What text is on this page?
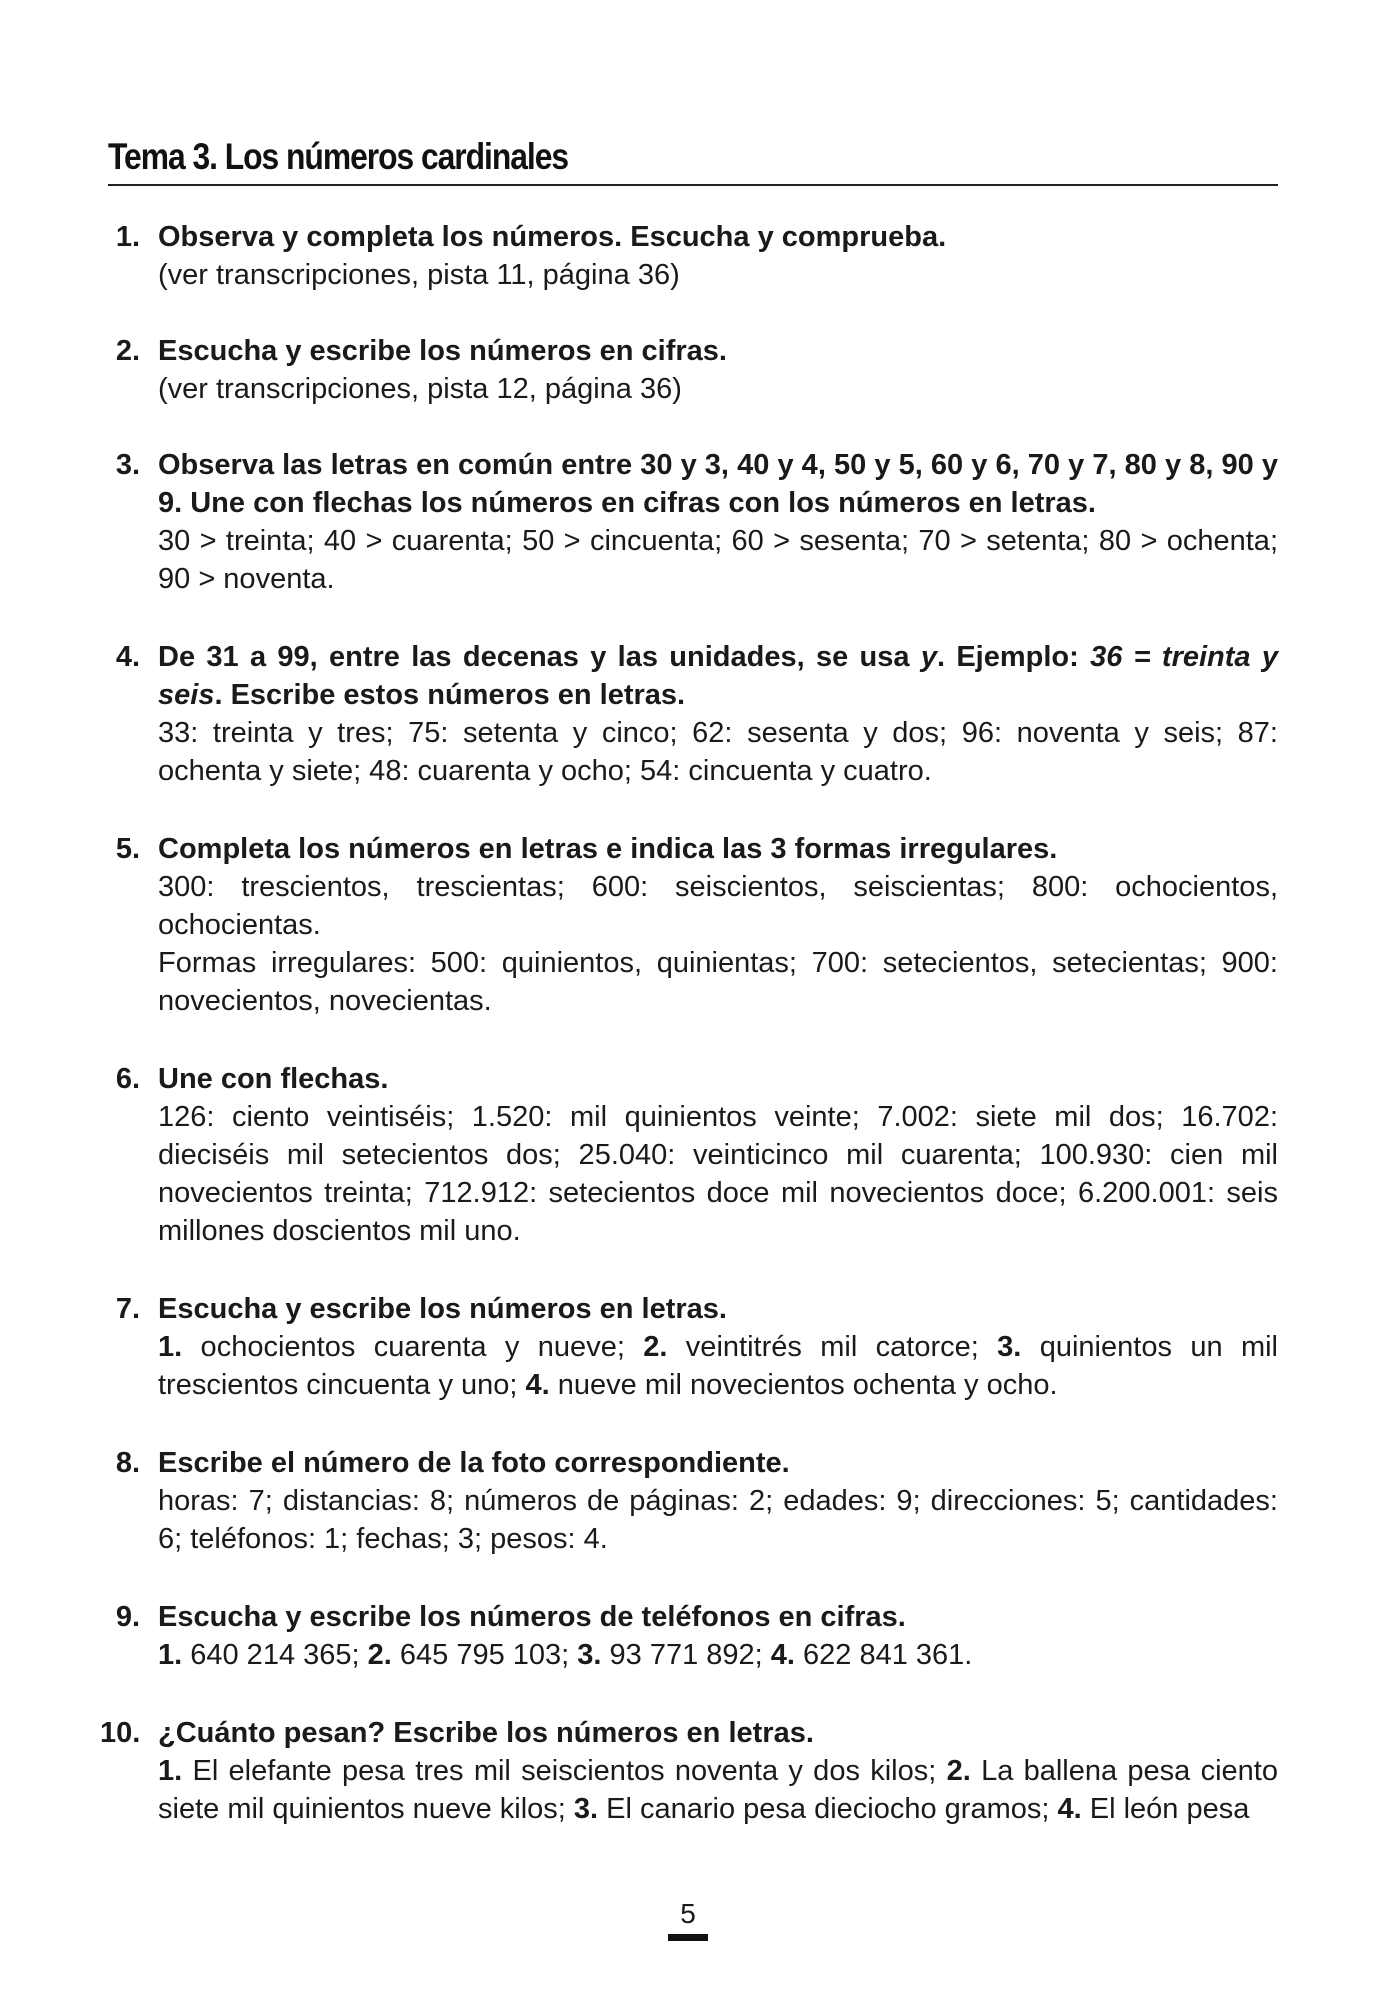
Tema 3. Los números cardinales
1. Observa y completa los números. Escucha y comprueba.
(ver transcripciones, pista 11, página 36)
2. Escucha y escribe los números en cifras.
(ver transcripciones, pista 12, página 36)
3. Observa las letras en común entre 30 y 3, 40 y 4, 50 y 5, 60 y 6, 70 y 7, 80 y 8, 90 y 9. Une con flechas los números en cifras con los números en letras.
30 > treinta; 40 > cuarenta; 50 > cincuenta; 60 > sesenta; 70 > setenta; 80 > ochenta; 90 > noventa.
4. De 31 a 99, entre las decenas y las unidades, se usa y. Ejemplo: 36 = treinta y seis. Escribe estos números en letras.
33: treinta y tres; 75: setenta y cinco; 62: sesenta y dos; 96: noventa y seis; 87: ochenta y siete; 48: cuarenta y ocho; 54: cincuenta y cuatro.
5. Completa los números en letras e indica las 3 formas irregulares.
300: trescientos, trescientas; 600: seiscientos, seiscientas; 800: ochocientos, ochocientas.
Formas irregulares: 500: quinientos, quinientas; 700: setecientos, setecientas; 900: novecientos, novecientas.
6. Une con flechas.
126: ciento veintiséis; 1.520: mil quinientos veinte; 7.002: siete mil dos; 16.702: dieciséis mil setecientos dos; 25.040: veinticinco mil cuarenta; 100.930: cien mil novecientos treinta; 712.912: setecientos doce mil novecientos doce; 6.200.001: seis millones doscientos mil uno.
7. Escucha y escribe los números en letras.
1. ochocientos cuarenta y nueve; 2. veintitrés mil catorce; 3. quinientos un mil trescientos cincuenta y uno; 4. nueve mil novecientos ochenta y ocho.
8. Escribe el número de la foto correspondiente.
horas: 7; distancias: 8; números de páginas: 2; edades: 9; direcciones: 5; cantidades: 6; teléfonos: 1; fechas; 3; pesos: 4.
9. Escucha y escribe los números de teléfonos en cifras.
1. 640 214 365; 2. 645 795 103; 3. 93 771 892; 4. 622 841 361.
10. ¿Cuánto pesan? Escribe los números en letras.
1. El elefante pesa tres mil seiscientos noventa y dos kilos; 2. La ballena pesa ciento siete mil quinientos nueve kilos; 3. El canario pesa dieciocho gramos; 4. El león pesa
5
